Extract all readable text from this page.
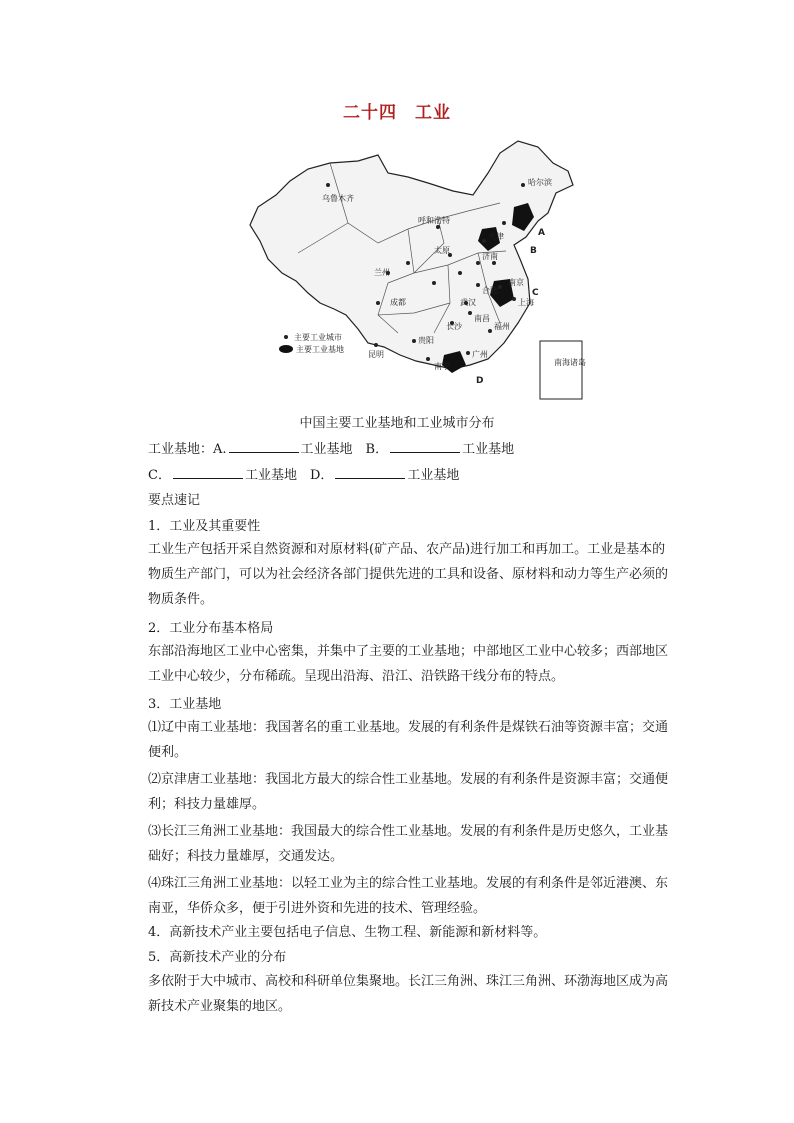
二十四　工业
A
B
C
D
乌鲁木齐
哈尔滨
呼和浩特
兰州
成都
贵阳
昆明
南宁
长沙
武汉
南京
上海
福州
广州
天津
太原
济南
合肥
南昌
主要工业城市
主要工业基地
南海诸岛
中国主要工业基地和工业城市分布
工业基地：A.	工业基地　B．	工业基地
C．	工业基地　D．	工业基地
要点速记
1．工业及其重要性
工业生产包括开采自然资源和对原材料(矿产品、农产品)进行加工和再加工。工业是基本的物质生产部门，可以为社会经济各部门提供先进的工具和设备、原材料和动力等生产必须的物质条件。
2．工业分布基本格局
东部沿海地区工业中心密集，并集中了主要的工业基地；中部地区工业中心较多；西部地区工业中心较少，分布稀疏。呈现出沿海、沿江、沿铁路干线分布的特点。
3．工业基地
⑴辽中南工业基地：我国著名的重工业基地。发展的有利条件是煤铁石油等资源丰富；交通便利。
⑵京津唐工业基地：我国北方最大的综合性工业基地。发展的有利条件是资源丰富；交通便利；科技力量雄厚。
⑶长江三角洲工业基地：我国最大的综合性工业基地。发展的有利条件是历史悠久，工业基础好；科技力量雄厚，交通发达。
⑷珠江三角洲工业基地：以轻工业为主的综合性工业基地。发展的有利条件是邻近港澳、东南亚，华侨众多，便于引进外资和先进的技术、管理经验。
4．高新技术产业主要包括电子信息、生物工程、新能源和新材料等。
5．高新技术产业的分布
多依附于大中城市、高校和科研单位集聚地。长江三角洲、珠江三角洲、环渤海地区成为高新技术产业聚集的地区。
